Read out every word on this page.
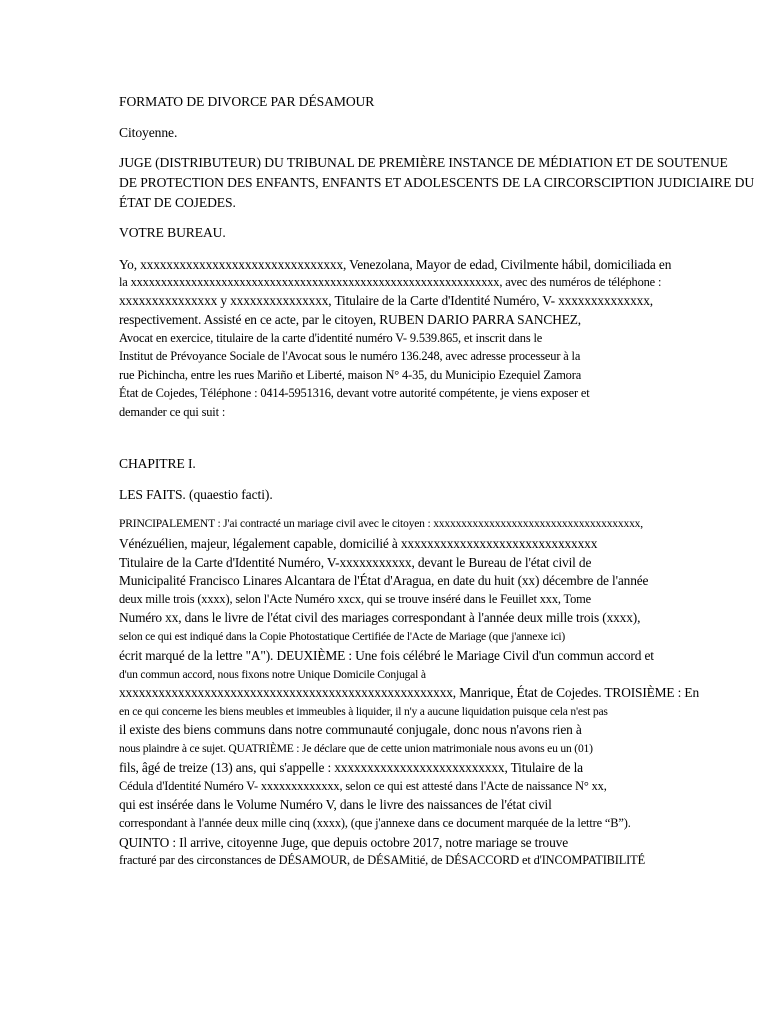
FORMATO DE DIVORCE PAR DÉSAMOUR
Citoyenne.
JUGE (DISTRIBUTEUR) DU TRIBUNAL DE PREMIÈRE INSTANCE DE MÉDIATION ET DE SOUTENUE
DE PROTECTION DES ENFANTS, ENFANTS ET ADOLESCENTS DE LA CIRCORSCIPTION JUDICIAIRE DU
ÉTAT DE COJEDES.
VOTRE BUREAU.
Yo, xxxxxxxxxxxxxxxxxxxxxxxxxxxxxxx, Venezolana, Mayor de edad, Civilmente hábil, domiciliada en
la xxxxxxxxxxxxxxxxxxxxxxxxxxxxxxxxxxxxxxxxxxxxxxxxxxxxxxxxxxxxx, avec des numéros de téléphone :
xxxxxxxxxxxxxxx y xxxxxxxxxxxxxxx, Titulaire de la Carte d'Identité Numéro, V- xxxxxxxxxxxxxx,
respectivement. Assisté en ce acte, par le citoyen, RUBEN DARIO PARRA SANCHEZ,
Avocat en exercice, titulaire de la carte d'identité numéro V- 9.539.865, et inscrit dans le
Institut de Prévoyance Sociale de l'Avocat sous le numéro 136.248, avec adresse processeur à la
rue Pichincha, entre les rues Mariño et Liberté, maison N° 4-35, du Municipio Ezequiel Zamora
État de Cojedes, Téléphone : 0414-5951316, devant votre autorité compétente, je viens exposer et
demander ce qui suit :
CHAPITRE I.
LES FAITS. (quaestio facti).
PRINCIPALEMENT : J'ai contracté un mariage civil avec le citoyen : xxxxxxxxxxxxxxxxxxxxxxxxxxxxxxxxxxxxx,
Vénézuélien, majeur, légalement capable, domicilié à xxxxxxxxxxxxxxxxxxxxxxxxxxxxxx
Titulaire de la Carte d'Identité Numéro, V-xxxxxxxxxxx, devant le Bureau de l'état civil de
Municipalité Francisco Linares Alcantara de l'État d'Aragua, en date du huit (xx) décembre de l'année
deux mille trois (xxxx), selon l'Acte Numéro xxcx, qui se trouve inséré dans le Feuillet xxx, Tome
Numéro xx, dans le livre de l'état civil des mariages correspondant à l'année deux mille trois (xxxx),
selon ce qui est indiqué dans la Copie Photostatique Certifiée de l'Acte de Mariage (que j'annexe ici)
écrit marqué de la lettre "A"). DEUXIÈME : Une fois célébré le Mariage Civil d'un commun accord et
d'un commun accord, nous fixons notre Unique Domicile Conjugal à
xxxxxxxxxxxxxxxxxxxxxxxxxxxxxxxxxxxxxxxxxxxxxxxxxxx, Manrique, État de Cojedes. TROISIÈME : En
en ce qui concerne les biens meubles et immeubles à liquider, il n'y a aucune liquidation puisque cela n'est pas
il existe des biens communs dans notre communauté conjugale, donc nous n'avons rien à
nous plaindre à ce sujet. QUATRIÈME : Je déclare que de cette union matrimoniale nous avons eu un (01)
fils, âgé de treize (13) ans, qui s'appelle : xxxxxxxxxxxxxxxxxxxxxxxxxx, Titulaire de la
Cédula d'Identité Numéro V- xxxxxxxxxxxxx, selon ce qui est attesté dans l'Acte de naissance N° xx,
qui est insérée dans le Volume Numéro V, dans le livre des naissances de l'état civil
correspondant à l'année deux mille cinq (xxxx), (que j'annexe dans ce document marquée de la lettre “B”).
QUINTO : Il arrive, citoyenne Juge, que depuis octobre 2017, notre mariage se trouve
fracturé par des circonstances de DÉSAMOUR, de DÉSAMitié, de DÉSACCORD et d'INCOMPATIBILITÉ
